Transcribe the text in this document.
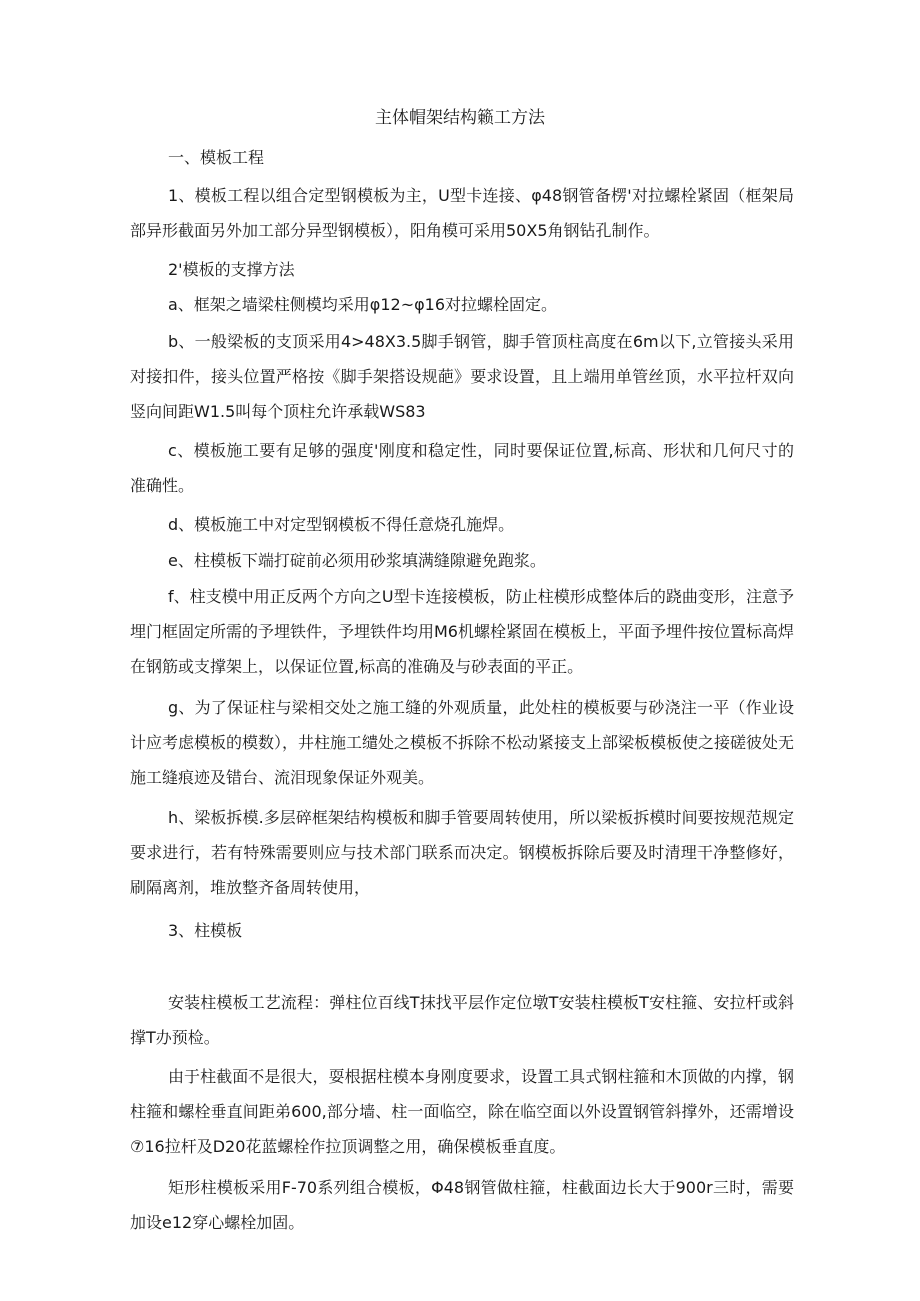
主体帽架结构籁工方法

一、模板工程

1、模板工程以组合定型钢模板为主，U型卡连接、φ48钢管备楞'对拉螺栓紧固（框架局部异形截面另外加工部分异型钢模板），阳角模可采用50X5角钢钻孔制作。

2'模板的支撑方法

a、框架之墙梁柱侧模均采用φ12~φ16对拉螺栓固定。

b、一般梁板的支顶采用4>48X3.5脚手钢管，脚手管顶柱高度在6m以下,立管接头采用对接扣件，接头位置严格按《脚手架搭设规葩》要求设置，且上端用单管丝顶，水平拉杆双向竖向间距W1.5叫每个顶柱允许承载WS83

c、模板施工要有足够的强度'刚度和稳定性，同时要保证位置,标高、形状和几何尺寸的准确性。

d、模板施工中对定型钢模板不得任意烧孔施焊。

e、柱模板下端打碇前必须用砂浆填满缝隙避免跑浆。

f、柱支模中用正反两个方向之U型卡连接模板，防止柱模形成整体后的跷曲变形，注意予埋门框固定所需的予埋铁件，予埋铁件均用M6机螺栓紧固在模板上，平面予埋件按位置标高焊在钢筋或支撑架上，以保证位置,标高的准确及与砂表面的平正。

g、为了保证柱与梁相交处之施工缝的外观质量，此处柱的模板要与砂浇注一平（作业设计应考虑模板的模数），井柱施工缱处之模板不拆除不松动紧接支上部梁板模板使之接磋彼处无施工缝痕迹及错台、流泪现象保证外观美。

h、梁板拆模.多层碎框架结构模板和脚手管要周转使用，所以梁板拆模时间要按规范规定要求进行，若有特殊需要则应与技术部门联系而决定。钢模板拆除后要及时清理干净整修好，刷隔离剂，堆放整齐备周转使用，

3、柱模板

安装柱模板工艺流程：弹柱位百线T抹找平层作定位墩T安装柱模板T安柱箍、安拉杆或斜撑T办预检。

由于柱截面不是很大，耍根据柱模本身刚度要求，设置工具式钢柱箍和木顶做的内撑，钢柱箍和螺栓垂直间距弟600,部分墙、柱一面临空，除在临空面以外设置钢管斜撑外，还需增设⑦16拉杆及D20花蓝螺栓作拉顶调整之用，确保模板垂直度。

矩形柱模板采用F-70系列组合模板，Φ48钢管做柱箍，柱截面边长大于900r三时，需要加设e12穿心螺栓加固。
